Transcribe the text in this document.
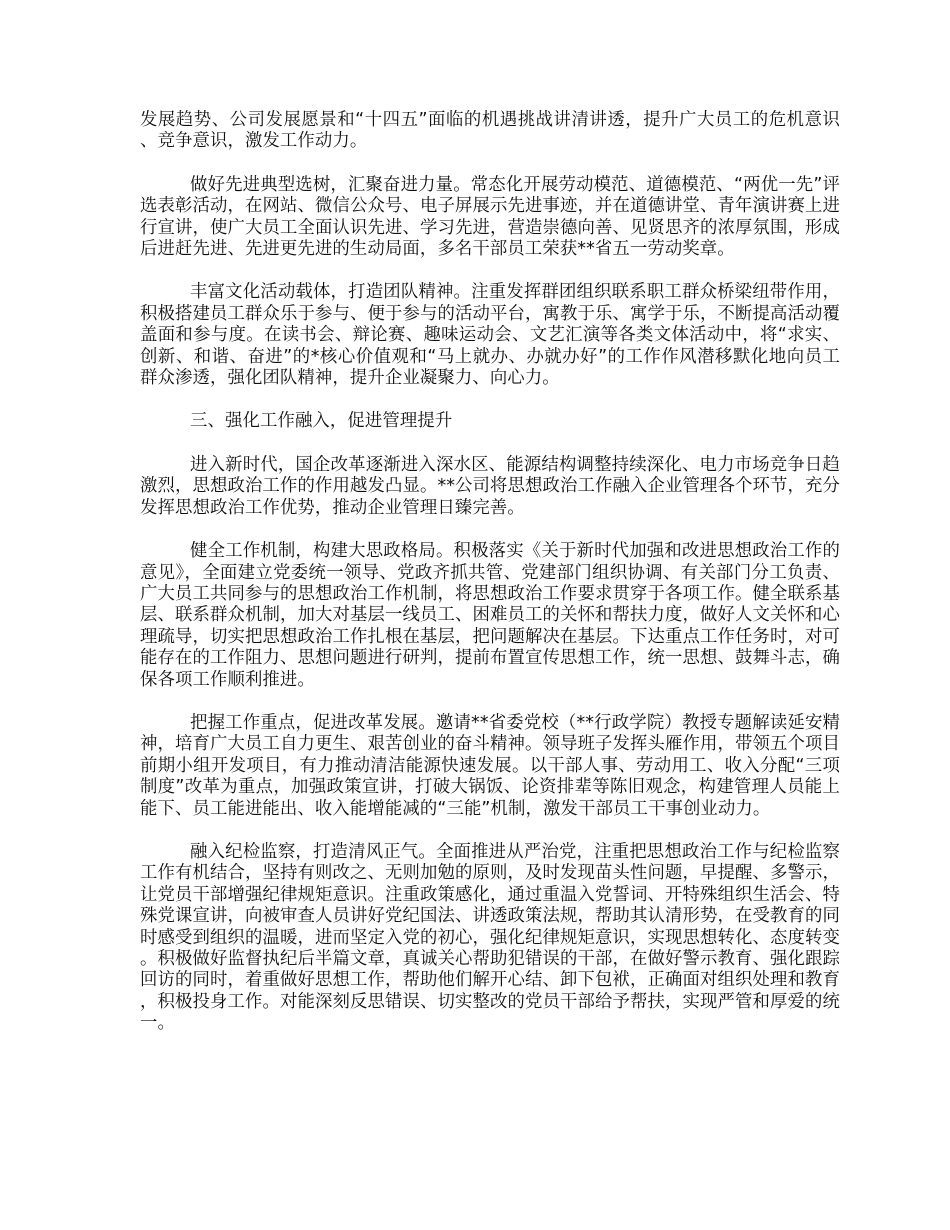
发展趋势、公司发展愿景和“十四五”面临的机遇挑战讲清讲透，提升广大员工的危机意识、竞争意识，激发工作动力。

做好先进典型选树，汇聚奋进力量。常态化开展劳动模范、道德模范、“两优一先”评选表彰活动，在网站、微信公众号、电子屏展示先进事迹，并在道德讲堂、青年演讲赛上进行宣讲，使广大员工全面认识先进、学习先进，营造崇德向善、见贤思齐的浓厚氛围，形成后进赶先进、先进更先进的生动局面，多名干部员工荣获**省五一劳动奖章。

丰富文化活动载体，打造团队精神。注重发挥群团组织联系职工群众桥梁纽带作用，积极搭建员工群众乐于参与、便于参与的活动平台，寓教于乐、寓学于乐，不断提高活动覆盖面和参与度。在读书会、辩论赛、趣味运动会、文艺汇演等各类文体活动中，将“求实、创新、和谐、奋进”的*核心价值观和“马上就办、办就办好”的工作作风潜移默化地向员工群众渗透，强化团队精神，提升企业凝聚力、向心力。

三、强化工作融入，促进管理提升

进入新时代，国企改革逐渐进入深水区、能源结构调整持续深化、电力市场竞争日趋激烈，思想政治工作的作用越发凸显。**公司将思想政治工作融入企业管理各个环节，充分发挥思想政治工作优势，推动企业管理日臻完善。

健全工作机制，构建大思政格局。积极落实《关于新时代加强和改进思想政治工作的意见》，全面建立党委统一领导、党政齐抓共管、党建部门组织协调、有关部门分工负责、广大员工共同参与的思想政治工作机制，将思想政治工作要求贯穿于各项工作。健全联系基层、联系群众机制，加大对基层一线员工、困难员工的关怀和帮扶力度，做好人文关怀和心理疏导，切实把思想政治工作扎根在基层，把问题解决在基层。下达重点工作任务时，对可能存在的工作阻力、思想问题进行研判，提前布置宣传思想工作，统一思想、鼓舞斗志，确保各项工作顺利推进。

把握工作重点，促进改革发展。邀请**省委党校（**行政学院）教授专题解读延安精神，培育广大员工自力更生、艰苦创业的奋斗精神。领导班子发挥头雁作用，带领五个项目前期小组开发项目，有力推动清洁能源快速发展。以干部人事、劳动用工、收入分配“三项制度”改革为重点，加强政策宣讲，打破大锅饭、论资排辈等陈旧观念，构建管理人员能上能下、员工能进能出、收入能增能减的“三能”机制，激发干部员工干事创业动力。

融入纪检监察，打造清风正气。全面推进从严治党，注重把思想政治工作与纪检监察工作有机结合，坚持有则改之、无则加勉的原则，及时发现苗头性问题，早提醒、多警示，让党员干部增强纪律规矩意识。注重政策感化，通过重温入党誓词、开特殊组织生活会、特殊党课宣讲，向被审查人员讲好党纪国法、讲透政策法规，帮助其认清形势，在受教育的同时感受到组织的温暖，进而坚定入党的初心，强化纪律规矩意识，实现思想转化、态度转变。积极做好监督执纪后半篇文章，真诚关心帮助犯错误的干部，在做好警示教育、强化跟踪回访的同时，着重做好思想工作，帮助他们解开心结、卸下包袱，正确面对组织处理和教育，积极投身工作。对能深刻反思错误、切实整改的党员干部给予帮扶，实现严管和厚爱的统一。
